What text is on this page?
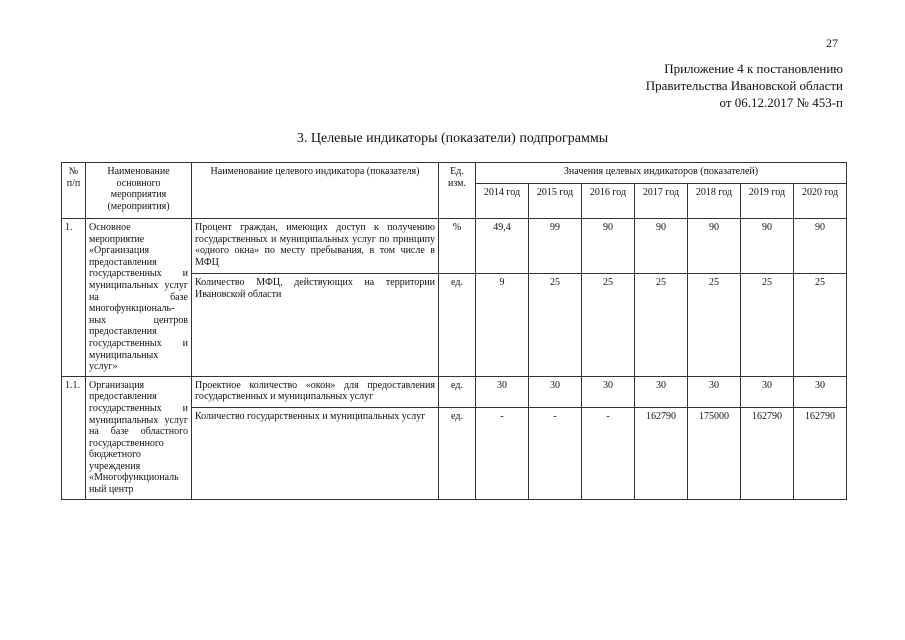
27
Приложение 4 к постановлению
Правительства Ивановской области
от 06.12.2017 № 453-п
3. Целевые индикаторы (показатели) подпрограммы
№ п/п	Наименование основного мероприятия (мероприятия)	Наименование целевого индикатора (показателя)	Ед. изм.	Значения целевых индикаторов (показателей)						
				2014 год	2015 год	2016 год	2017 год	2018 год	2019 год	2020 год
1.	Основное мероприятие «Организация предоставления государственных и муниципальных услуг на базе многофункциональ-ных центров предоставления государственных и муниципальных услуг»	Процент граждан, имеющих доступ к получению государственных и муниципальных услуг по принципу «одного окна» по месту пребывания, в том числе в МФЦ	%	49,4	99	90	90	90	90	90
		Количество МФЦ, действующих на территории Ивановской области	ед.	9	25	25	25	25	25	25
1.1.	Организация предоставления государственных и муниципальных услуг на базе областного государственного бюджетного учреждения «Многофункциональ ный центр	Проектное количество «окон» для предоставления государственных и муниципальных услуг	ед.	30	30	30	30	30	30	30
		Количество государственных и муниципальных услуг	ед.	-	-	-	162790	175000	162790	162790
